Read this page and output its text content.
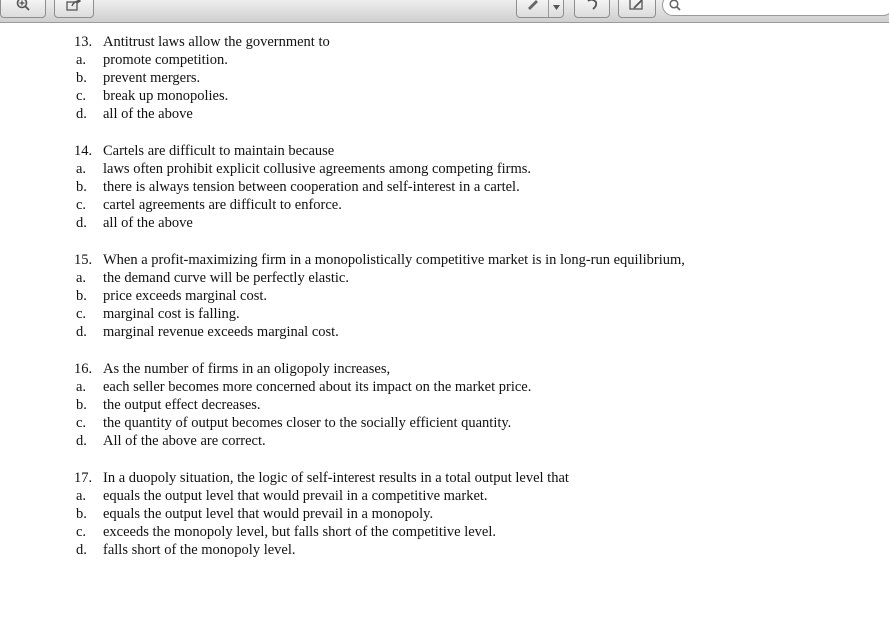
13. Antitrust laws allow the government to
a. promote competition.
b. prevent mergers.
c. break up monopolies.
d. all of the above
14. Cartels are difficult to maintain because
a. laws often prohibit explicit collusive agreements among competing firms.
b. there is always tension between cooperation and self-interest in a cartel.
c. cartel agreements are difficult to enforce.
d. all of the above
15. When a profit-maximizing firm in a monopolistically competitive market is in long-run equilibrium,
a. the demand curve will be perfectly elastic.
b. price exceeds marginal cost.
c. marginal cost is falling.
d. marginal revenue exceeds marginal cost.
16. As the number of firms in an oligopoly increases,
a. each seller becomes more concerned about its impact on the market price.
b. the output effect decreases.
c. the quantity of output becomes closer to the socially efficient quantity.
d. All of the above are correct.
17. In a duopoly situation, the logic of self-interest results in a total output level that
a. equals the output level that would prevail in a competitive market.
b. equals the output level that would prevail in a monopoly.
c. exceeds the monopoly level, but falls short of the competitive level.
d. falls short of the monopoly level.
